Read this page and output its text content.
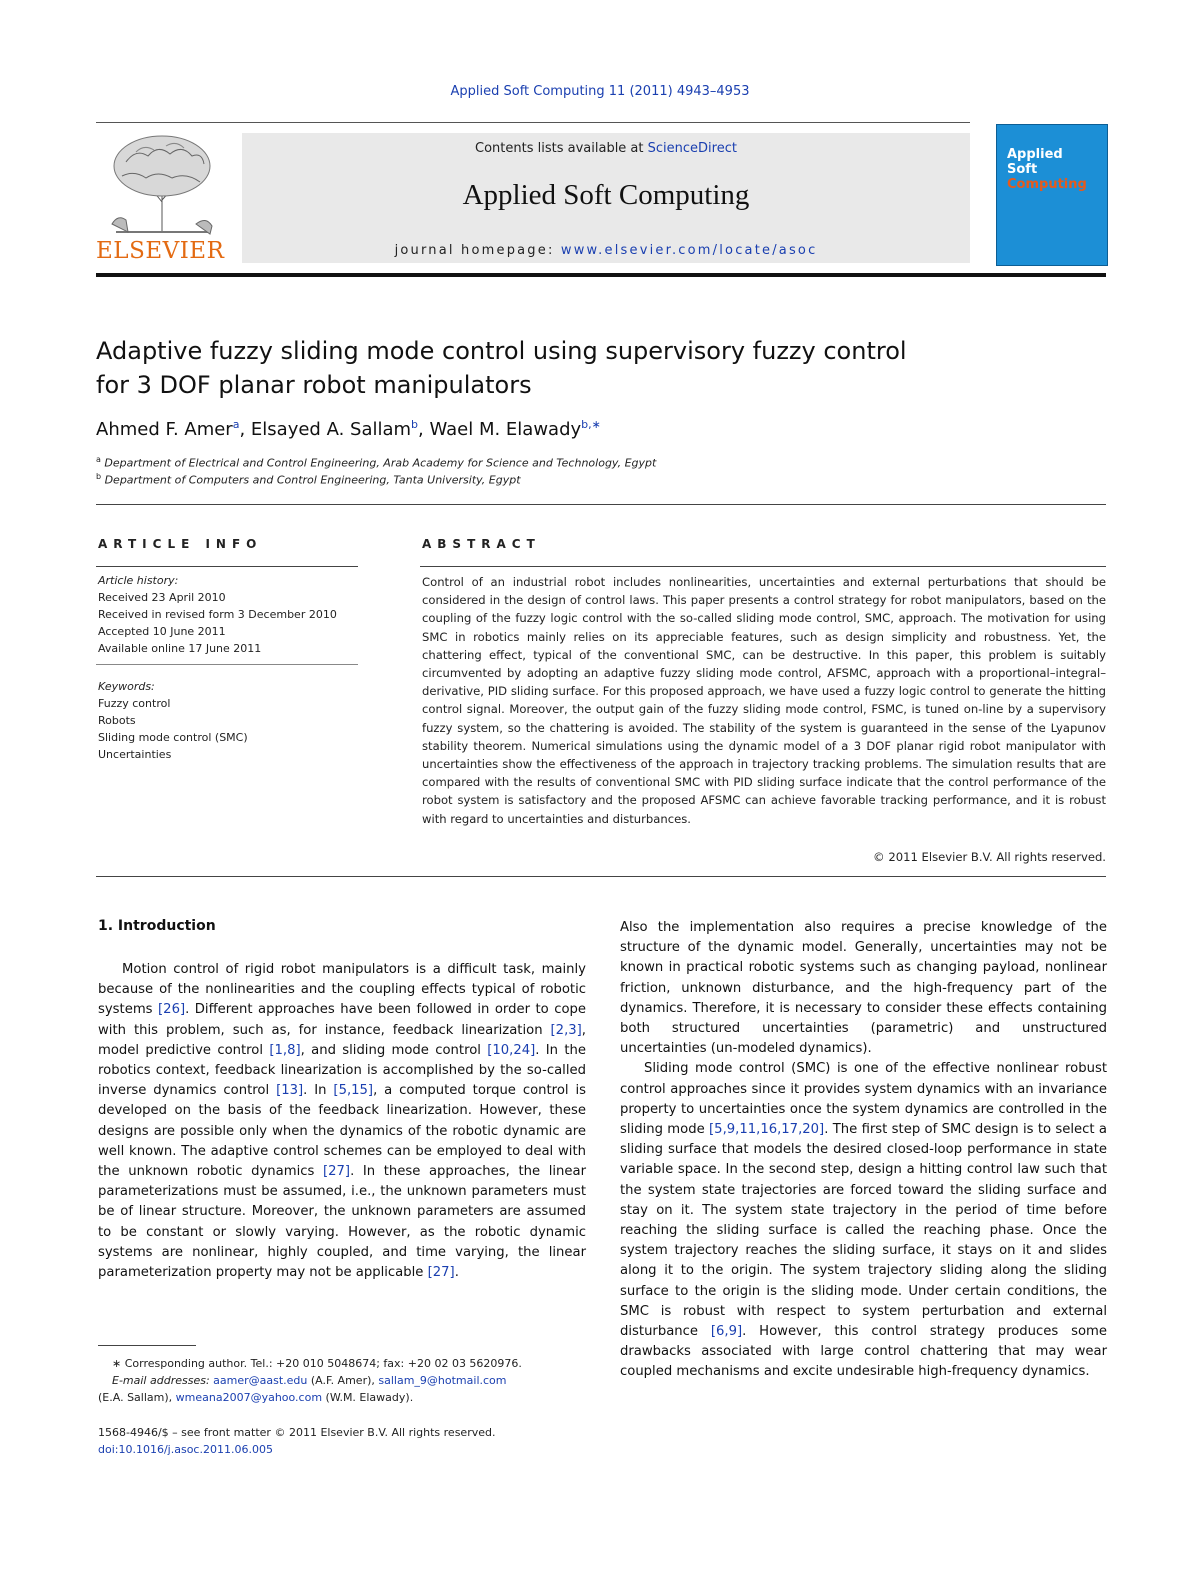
Applied Soft Computing 11 (2011) 4943–4953
ELSEVIER
Contents lists available at ScienceDirect
Applied Soft Computing
journal homepage: www.elsevier.com/locate/asoc
Applied
Soft
Computing
Adaptive fuzzy sliding mode control using supervisory fuzzy control
for 3 DOF planar robot manipulators
Ahmed F. Amer$^a$, Elsayed A. Sallam$^b$, Wael M. Elawady$^{b,∗}$
$^a$ Department of Electrical and Control Engineering, Arab Academy for Science and Technology, Egypt
$^b$ Department of Computers and Control Engineering, Tanta University, Egypt
ARTICLE INFO	ABSTRACT
Article history:
Received 23 April 2010
Received in revised form 3 December 2010
Accepted 10 June 2011
Available online 17 June 2011
Keywords:
Fuzzy control
Robots
Sliding mode control (SMC)
Uncertainties
Control of an industrial robot includes nonlinearities, uncertainties and external perturbations that should be considered in the design of control laws. This paper presents a control strategy for robot manipulators, based on the coupling of the fuzzy logic control with the so-called sliding mode control, SMC, approach. The motivation for using SMC in robotics mainly relies on its appreciable features, such as design simplicity and robustness. Yet, the chattering effect, typical of the conventional SMC, can be destructive. In this paper, this problem is suitably circumvented by adopting an adaptive fuzzy sliding mode control, AFSMC, approach with a proportional–integral–derivative, PID sliding surface. For this proposed approach, we have used a fuzzy logic control to generate the hitting control signal. Moreover, the output gain of the fuzzy sliding mode control, FSMC, is tuned on-line by a supervisory fuzzy system, so the chattering is avoided. The stability of the system is guaranteed in the sense of the Lyapunov stability theorem. Numerical simulations using the dynamic model of a 3 DOF planar rigid robot manipulator with uncertainties show the effectiveness of the approach in trajectory tracking problems. The simulation results that are compared with the results of conventional SMC with PID sliding surface indicate that the control performance of the robot system is satisfactory and the proposed AFSMC can achieve favorable tracking performance, and it is robust with regard to uncertainties and disturbances.
© 2011 Elsevier B.V. All rights reserved.
1. Introduction

Motion control of rigid robot manipulators is a difficult task, mainly because of the nonlinearities and the coupling effects typical of robotic systems [26]. Different approaches have been followed in order to cope with this problem, such as, for instance, feedback linearization [2,3], model predictive control [1,8], and sliding mode control [10,24]. In the robotics context, feedback linearization is accomplished by the so-called inverse dynamics control [13]. In [5,15], a computed torque control is developed on the basis of the feedback linearization. However, these designs are possible only when the dynamics of the robotic dynamic are well known. The adaptive control schemes can be employed to deal with the unknown robotic dynamics [27]. In these approaches, the linear parameterizations must be assumed, i.e., the unknown parameters must be of linear structure. Moreover, the unknown parameters are assumed to be constant or slowly varying. However, as the robotic dynamic systems are nonlinear, highly coupled, and time varying, the linear parameterization property may not be applicable [27].

Also the implementation also requires a precise knowledge of the structure of the dynamic model. Generally, uncertainties may not be known in practical robotic systems such as changing payload, nonlinear friction, unknown disturbance, and the high-frequency part of the dynamics. Therefore, it is necessary to consider these effects containing both structured uncertainties (parametric) and unstructured uncertainties (un-modeled dynamics).

Sliding mode control (SMC) is one of the effective nonlinear robust control approaches since it provides system dynamics with an invariance property to uncertainties once the system dynamics are controlled in the sliding mode [5,9,11,16,17,20]. The first step of SMC design is to select a sliding surface that models the desired closed-loop performance in state variable space. In the second step, design a hitting control law such that the system state trajectories are forced toward the sliding surface and stay on it. The system state trajectory in the period of time before reaching the sliding surface is called the reaching phase. Once the system trajectory reaches the sliding surface, it stays on it and slides along it to the origin. The system trajectory sliding along the sliding surface to the origin is the sliding mode. Under certain conditions, the SMC is robust with respect to system perturbation and external disturbance [6,9]. However, this control strategy produces some drawbacks associated with large control chattering that may wear coupled mechanisms and excite undesirable high-frequency dynamics.

∗ Corresponding author. Tel.: +20 010 5048674; fax: +20 02 03 5620976.
E-mail addresses: aamer@aast.edu (A.F. Amer), sallam_9@hotmail.com
(E.A. Sallam), wmeana2007@yahoo.com (W.M. Elawady).
1568-4946/$ – see front matter © 2011 Elsevier B.V. All rights reserved.
doi:10.1016/j.asoc.2011.06.005
